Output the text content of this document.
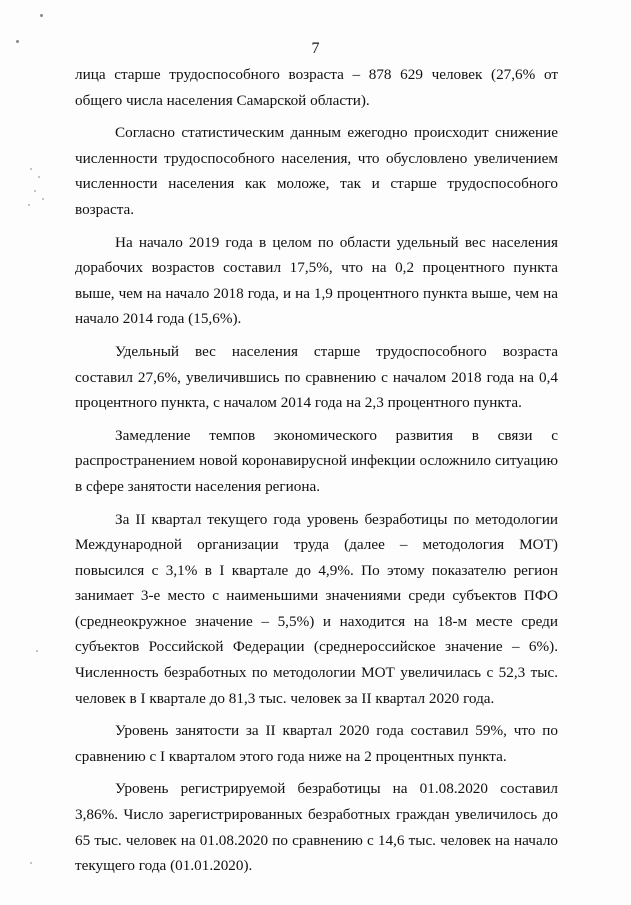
7

лица старше трудоспособного возраста – 878 629 человек (27,6% от общего числа населения Самарской области).

Согласно статистическим данным ежегодно происходит снижение численности трудоспособного населения, что обусловлено увеличением численности населения как моложе, так и старше трудоспособного возраста.

На начало 2019 года в целом по области удельный вес населения дорабочих возрастов составил 17,5%, что на 0,2 процентного пункта выше, чем на начало 2018 года, и на 1,9 процентного пункта выше, чем на начало 2014 года (15,6%).

Удельный вес населения старше трудоспособного возраста составил 27,6%, увеличившись по сравнению с началом 2018 года на 0,4 процентного пункта, с началом 2014 года на 2,3 процентного пункта.

Замедление темпов экономического развития в связи с распространением новой коронавирусной инфекции осложнило ситуацию в сфере занятости населения региона.

За II квартал текущего года уровень безработицы по методологии Международной организации труда (далее – методология МОТ) повысился с 3,1% в I квартале до 4,9%. По этому показателю регион занимает 3-е место с наименьшими значениями среди субъектов ПФО (среднеокружное значение – 5,5%) и находится на 18-м месте среди субъектов Российской Федерации (среднероссийское значение – 6%). Численность безработных по методологии МОТ увеличилась с 52,3 тыс. человек в I квартале до 81,3 тыс. человек за II квартал 2020 года.

Уровень занятости за II квартал 2020 года составил 59%, что по сравнению с I кварталом этого года ниже на 2 процентных пункта.

Уровень регистрируемой безработицы на 01.08.2020 составил 3,86%. Число зарегистрированных безработных граждан увеличилось до 65 тыс. человек на 01.08.2020 по сравнению с 14,6 тыс. человек на начало текущего года (01.01.2020).
